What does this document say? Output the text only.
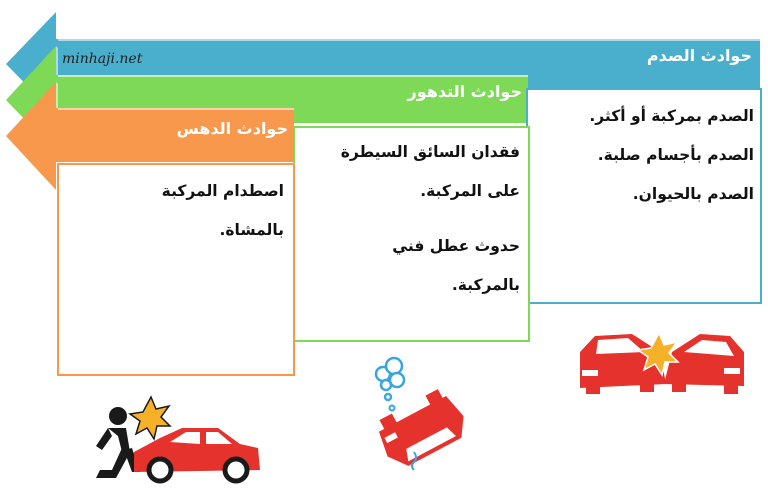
minhaji.net	حوادث الصدم
حوادث التدهور
حوادث الدهس
الصدم بمركبة أو أكثر.
الصدم بأجسام صلبة.
الصدم بالحيوان.
فقدان السائق السيطرة
على المركبة.
حدوث عطل فني
بالمركبة.
اصطدام المركبة
بالمشاة.
